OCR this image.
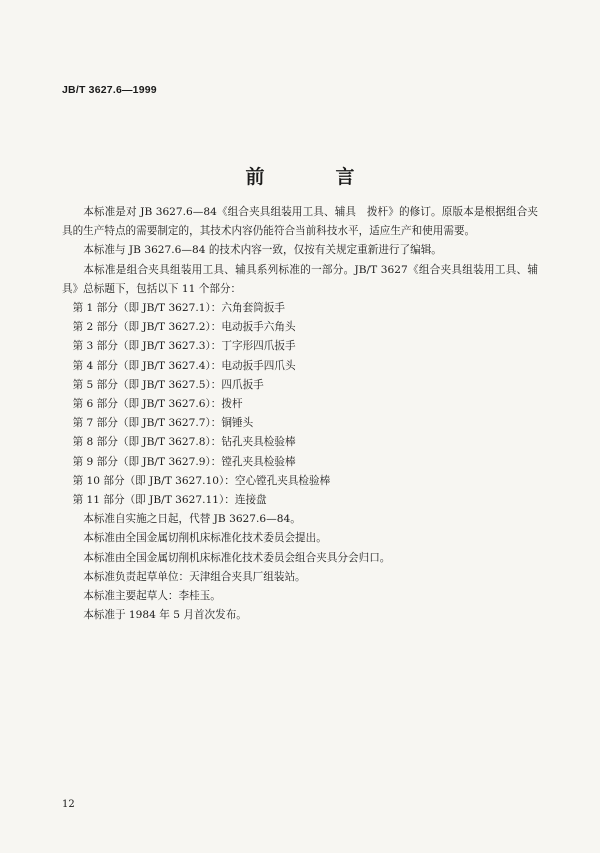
JB/T 3627.6—1999
前　言

本标准是对 JB 3627.6—84《组合夹具组装用工具、辅具　拨杆》的修订。原版本是根据组合夹具的生产特点的需要制定的，其技术内容仍能符合当前科技水平，适应生产和使用需要。

本标准与 JB 3627.6—84 的技术内容一致，仅按有关规定重新进行了编辑。

本标准是组合夹具组装用工具、辅具系列标准的一部分。JB/T 3627《组合夹具组装用工具、辅具》总标题下，包括以下 11 个部分：

第 1 部分（即 JB/T 3627.1）：六角套筒扳手

第 2 部分（即 JB/T 3627.2）：电动扳手六角头

第 3 部分（即 JB/T 3627.3）：丁字形四爪扳手

第 4 部分（即 JB/T 3627.4）：电动扳手四爪头

第 5 部分（即 JB/T 3627.5）：四爪扳手

第 6 部分（即 JB/T 3627.6）：拨杆

第 7 部分（即 JB/T 3627.7）：铜锤头

第 8 部分（即 JB/T 3627.8）：钻孔夹具检验棒

第 9 部分（即 JB/T 3627.9）：镗孔夹具检验棒

第 10 部分（即 JB/T 3627.10）：空心镗孔夹具检验棒

第 11 部分（即 JB/T 3627.11）：连接盘

本标准自实施之日起，代替 JB 3627.6—84。

本标准由全国金属切削机床标准化技术委员会提出。

本标准由全国金属切削机床标准化技术委员会组合夹具分会归口。

本标准负责起草单位：天津组合夹具厂组装站。

本标准主要起草人：李桂玉。

本标准于 1984 年 5 月首次发布。

12
